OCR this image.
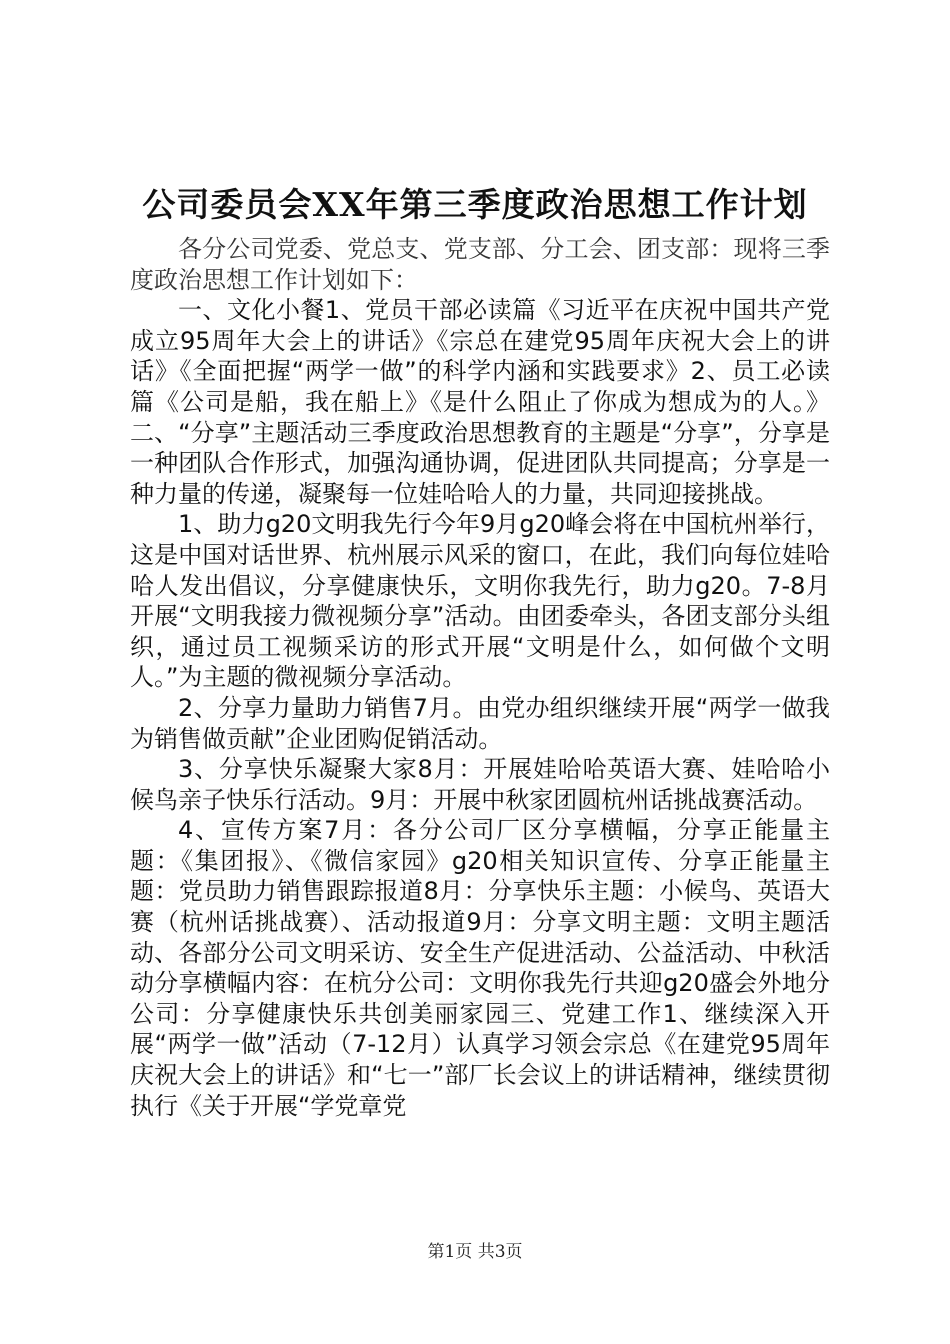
公司委员会XX年第三季度政治思想工作计划

各分公司党委、党总支、党支部、分工会、团支部：现将三季度政治思想工作计划如下：

一、文化小餐1、党员干部必读篇《习近平在庆祝中国共产党成立95周年大会上的讲话》《宗总在建党95周年庆祝大会上的讲话》《全面把握“两学一做”的科学内涵和实践要求》2、员工必读篇《公司是船，我在船上》《是什么阻止了你成为想成为的人。》二、“分享”主题活动三季度政治思想教育的主题是“分享”，分享是一种团队合作形式，加强沟通协调，促进团队共同提高；分享是一种力量的传递，凝聚每一位娃哈哈人的力量，共同迎接挑战。

1、助力g20文明我先行今年9月g20峰会将在中国杭州举行，这是中国对话世界、杭州展示风采的窗口，在此，我们向每位娃哈哈人发出倡议，分享健康快乐，文明你我先行，助力g20。7-8月开展“文明我接力微视频分享”活动。由团委牵头，各团支部分头组织，通过员工视频采访的形式开展“文明是什么，如何做个文明人。”为主题的微视频分享活动。

2、分享力量助力销售7月。由党办组织继续开展“两学一做我为销售做贡献”企业团购促销活动。

3、分享快乐凝聚大家8月：开展娃哈哈英语大赛、娃哈哈小候鸟亲子快乐行活动。9月：开展中秋家团圆杭州话挑战赛活动。

4、宣传方案7月：各分公司厂区分享横幅，分享正能量主题：《集团报》、《微信家园》g20相关知识宣传、分享正能量主题：党员助力销售跟踪报道8月：分享快乐主题：小候鸟、英语大赛（杭州话挑战赛）、活动报道9月：分享文明主题：文明主题活动、各部分公司文明采访、安全生产促进活动、公益活动、中秋活动分享横幅内容：在杭分公司：文明你我先行共迎g20盛会外地分公司：分享健康快乐共创美丽家园三、党建工作1、继续深入开展“两学一做”活动（7-12月）认真学习领会宗总《在建党95周年庆祝大会上的讲话》和“七一”部厂长会议上的讲话精神，继续贯彻执行《关于开展“学党章党

第1页 共3页
